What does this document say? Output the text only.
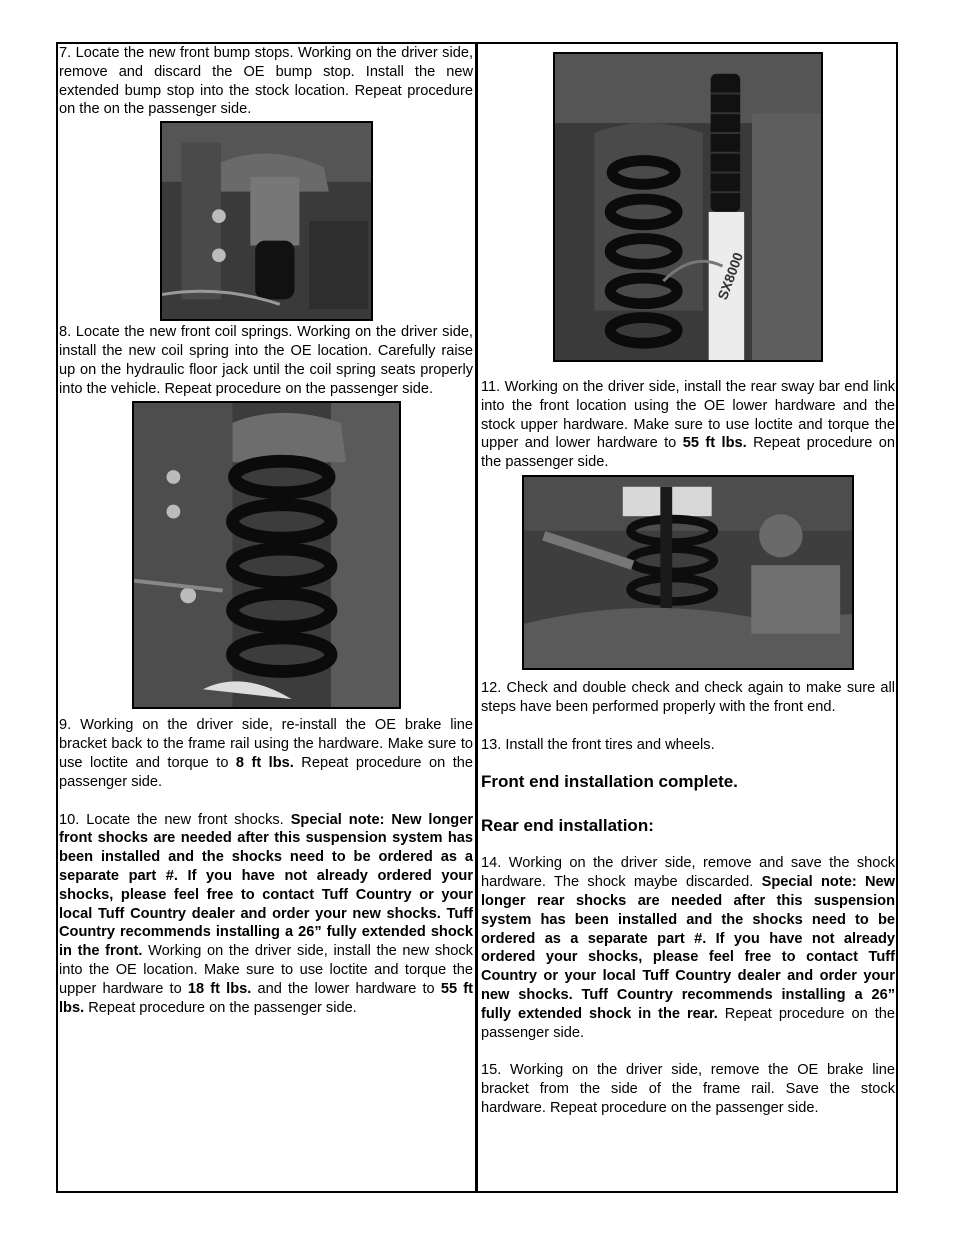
7. Locate the new front bump stops. Working on the driver side, remove and discard the OE bump stop. Install the new extended bump stop into the stock location. Repeat procedure on the on the passenger side.

8. Locate the new front coil springs. Working on the driver side, install the new coil spring into the OE location. Carefully raise up on the hydraulic floor jack until the coil spring seats properly into the vehicle. Repeat procedure on the passenger side.

9. Working on the driver side, re-install the OE brake line bracket back to the frame rail using the hardware. Make sure to use loctite and torque to 8 ft lbs. Repeat procedure on the passenger side.

10. Locate the new front shocks. Special note: New longer front shocks are needed after this suspension system has been installed and the shocks need to be ordered as a separate part #. If you have not already ordered your shocks, please feel free to contact Tuff Country or your local Tuff Country dealer and order your new shocks. Tuff Country recommends installing a 26” fully extended shock in the front. Working on the driver side, install the new shock into the OE location. Make sure to use loctite and torque the upper hardware to 18 ft lbs. and the lower hardware to 55 ft lbs. Repeat procedure on the passenger side.

SX8000

11. Working on the driver side, install the rear sway bar end link into the front location using the OE lower hardware and the stock upper hardware. Make sure to use loctite and torque the upper and lower hardware to 55 ft lbs. Repeat procedure on the passenger side.

12. Check and double check and check again to make sure all steps have been performed properly with the front end.

13. Install the front tires and wheels.

Front end installation complete.

Rear end installation:

14. Working on the driver side, remove and save the shock hardware. The shock maybe discarded. Special note: New longer rear shocks are needed after this suspension system has been installed and the shocks need to be ordered as a separate part #. If you have not already ordered your shocks, please feel free to contact Tuff Country or your local Tuff Country dealer and order your new shocks. Tuff Country recommends installing a 26” fully extended shock in the rear. Repeat procedure on the passenger side.

15. Working on the driver side, remove the OE brake line bracket from the side of the frame rail. Save the stock hardware. Repeat procedure on the passenger side.
